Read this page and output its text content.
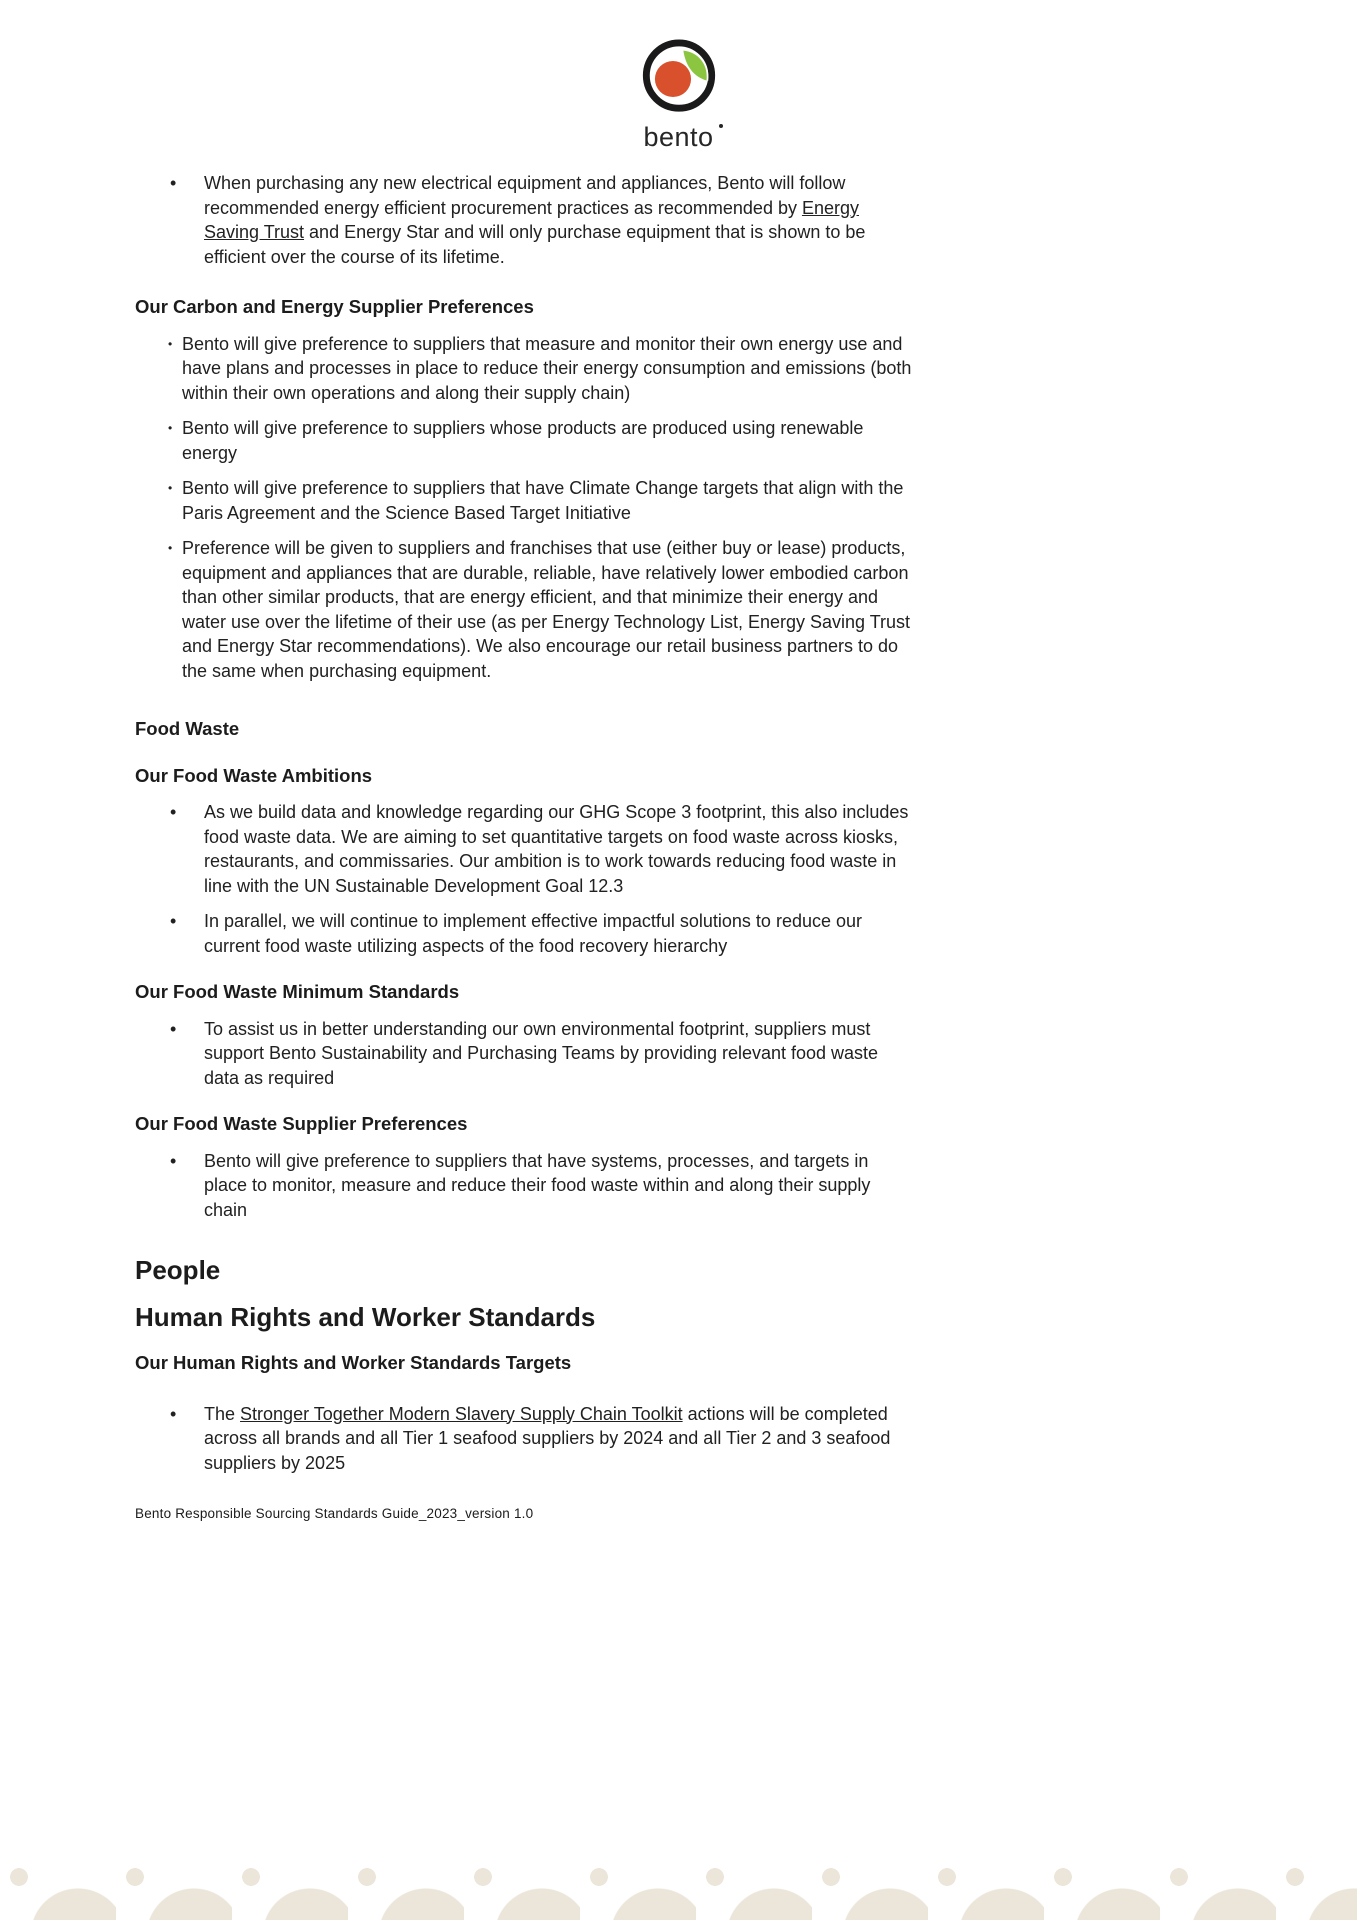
bento
•
When purchasing any new electrical equipment and appliances, Bento will follow recommended energy efficient procurement practices as recommended by Energy Saving Trust and Energy Star and will only purchase equipment that is shown to be efficient over the course of its lifetime.
Our Carbon and Energy Supplier Preferences
•
Bento will give preference to suppliers that measure and monitor their own energy use and have plans and processes in place to reduce their energy consumption and emissions (both within their own operations and along their supply chain)
•
Bento will give preference to suppliers whose products are produced using renewable energy
•
Bento will give preference to suppliers that have Climate Change targets that align with the Paris Agreement and the Science Based Target Initiative
•
Preference will be given to suppliers and franchises that use (either buy or lease) products, equipment and appliances that are durable, reliable, have relatively lower embodied carbon than other similar products, that are energy efficient, and that minimize their energy and water use over the lifetime of their use (as per Energy Technology List, Energy Saving Trust and Energy Star recommendations). We also encourage our retail business partners to do the same when purchasing equipment.
Food Waste
Our Food Waste Ambitions
•
As we build data and knowledge regarding our GHG Scope 3 footprint, this also includes food waste data. We are aiming to set quantitative targets on food waste across kiosks, restaurants, and commissaries. Our ambition is to work towards reducing food waste in line with the UN Sustainable Development Goal 12.3
•
In parallel, we will continue to implement effective impactful solutions to reduce our current food waste utilizing aspects of the food recovery hierarchy
Our Food Waste Minimum Standards
•
To assist us in better understanding our own environmental footprint, suppliers must support Bento Sustainability and Purchasing Teams by providing relevant food waste data as required
Our Food Waste Supplier Preferences
•
Bento will give preference to suppliers that have systems, processes, and targets in place to monitor, measure and reduce their food waste within and along their supply chain
People
Human Rights and Worker Standards
Our Human Rights and Worker Standards Targets
•
The Stronger Together Modern Slavery Supply Chain Toolkit actions will be completed across all brands and all Tier 1 seafood suppliers by 2024 and all Tier 2 and 3 seafood suppliers by 2025
Bento Responsible Sourcing Standards Guide_2023_version 1.0
